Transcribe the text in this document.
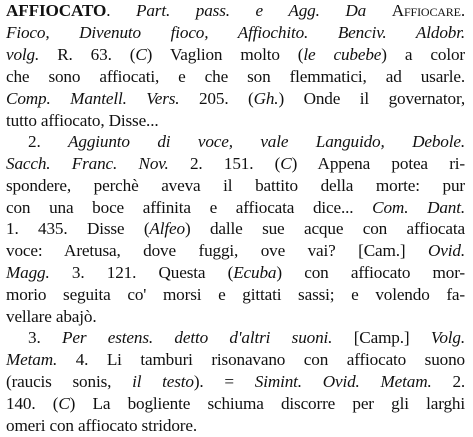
AFFIOCATO. Part. pass. e Agg. Da Affiocare.
Fioco, Divenuto fioco, Affiochito. Benciv. Aldobr.
volg. R. 63. (C) Vaglion molto (le cubebe) a color
che sono affiocati, e che son flemmatici, ad usarle.
Comp. Mantell. Vers. 205. (Gh.) Onde il governator,
tutto affiocato, Disse...
2. Aggiunto di voce, vale Languido, Debole.
Sacch. Franc. Nov. 2. 151. (C) Appena potea ri-
spondere, perchè aveva il battito della morte: pur
con una boce affinita e affiocata dice... Com. Dant.
1. 435. Disse (Alfeo) dalle sue acque con affiocata
voce: Aretusa, dove fuggi, ove vai? [Cam.] Ovid.
Magg. 3. 121. Questa (Ecuba) con affiocato mor-
morio seguita co' morsi e gittati sassi; e volendo fa-
vellare abajò.
3. Per estens. detto d'altri suoni. [Camp.] Volg.
Metam. 4. Li tamburi risonavano con affiocato suono
(raucis sonis, il testo). = Simint. Ovid. Metam. 2.
140. (C) La bogliente schiuma discorre per gli larghi
omeri con affiocato stridore.
